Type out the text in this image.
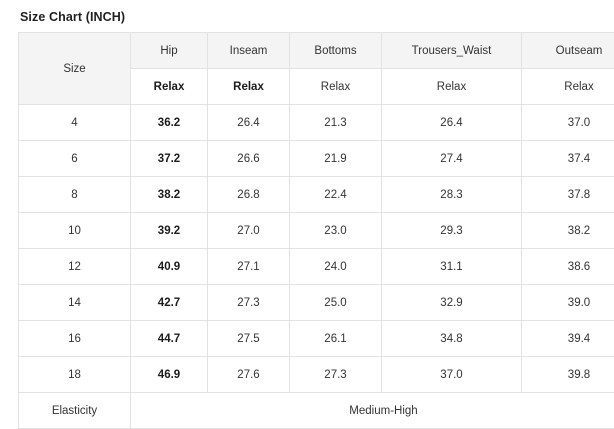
Size Chart (INCH)
Size	Hip	Inseam	Bottoms	Trousers_Waist	Outseam
	Relax	Relax	Relax	Relax	Relax
4	36.2	26.4	21.3	26.4	37.0
6	37.2	26.6	21.9	27.4	37.4
8	38.2	26.8	22.4	28.3	37.8
10	39.2	27.0	23.0	29.3	38.2
12	40.9	27.1	24.0	31.1	38.6
14	42.7	27.3	25.0	32.9	39.0
16	44.7	27.5	26.1	34.8	39.4
18	46.9	27.6	27.3	37.0	39.8
Elasticity	Medium-High				
